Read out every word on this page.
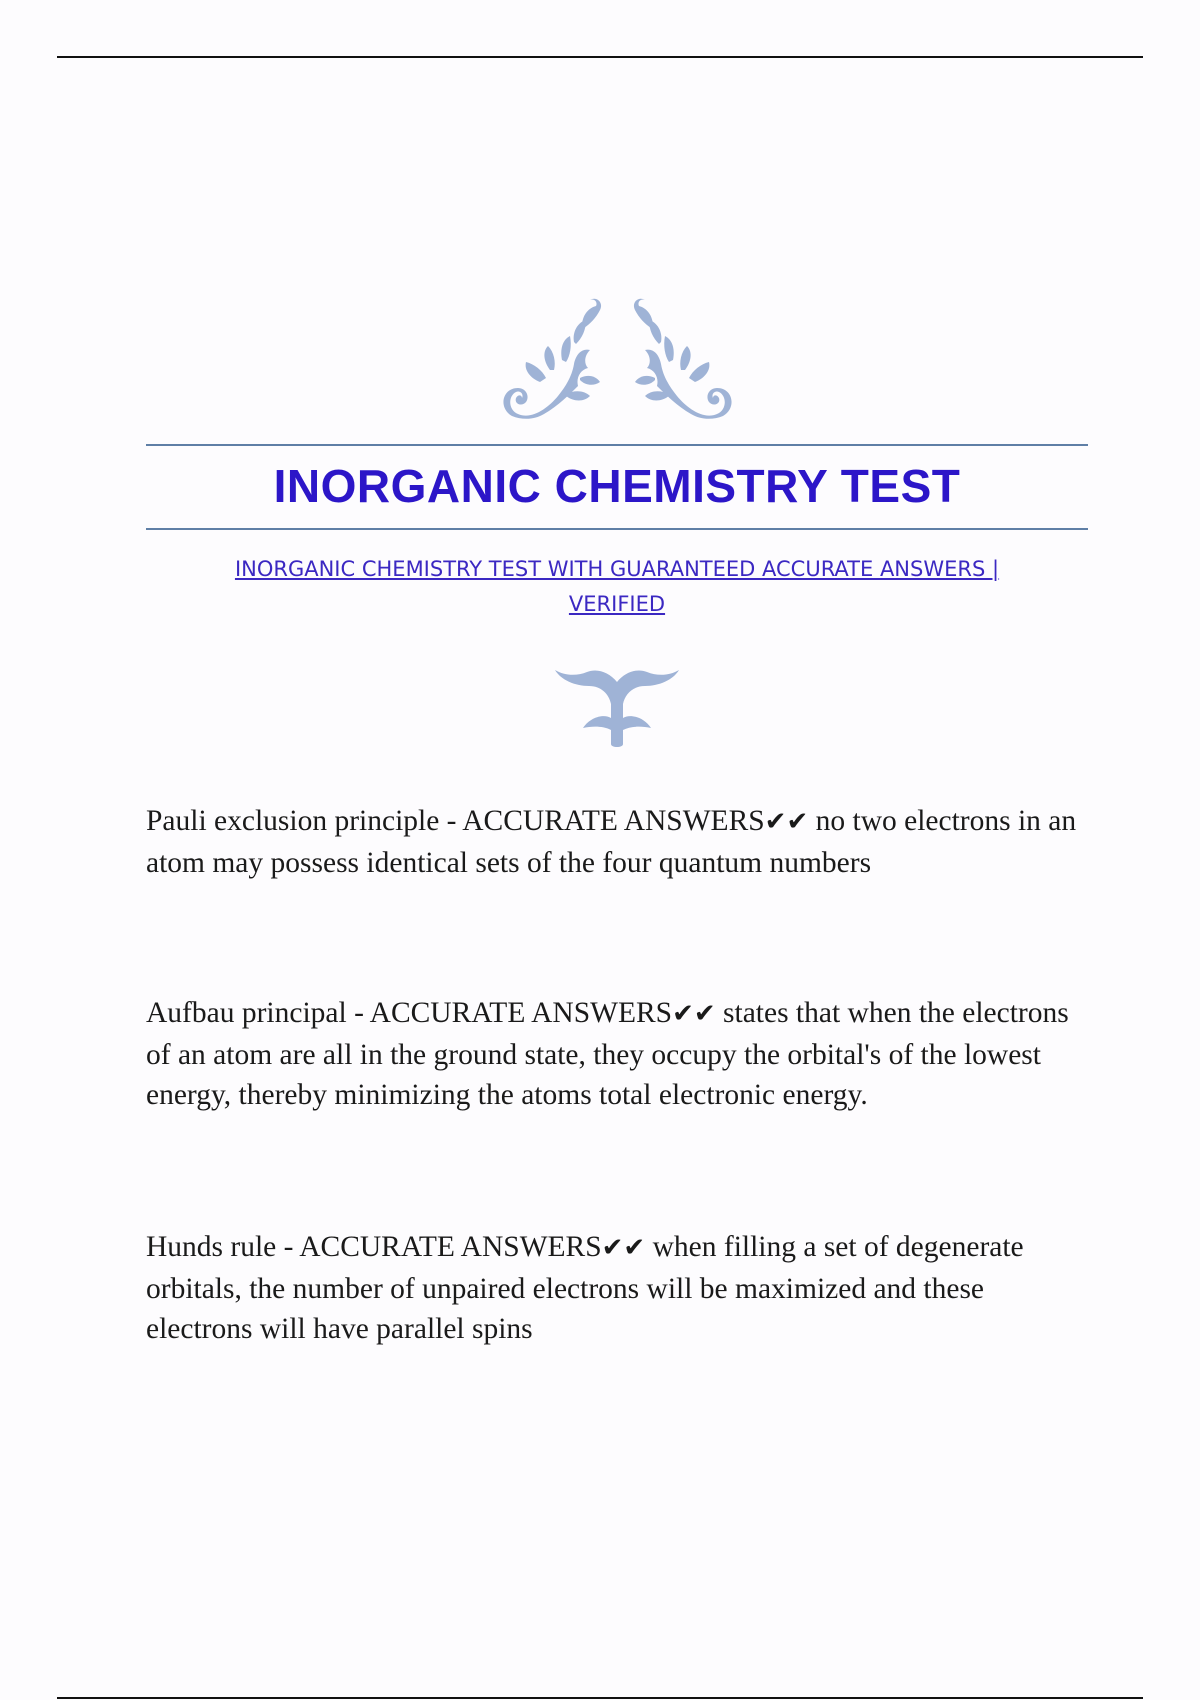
INORGANIC CHEMISTRY TEST
INORGANIC CHEMISTRY TEST WITH GUARANTEED ACCURATE ANSWERS |
VERIFIED
Pauli exclusion principle - ACCURATE ANSWERS✔✔ no two electrons in an atom may possess identical sets of the four quantum numbers
Aufbau principal - ACCURATE ANSWERS✔✔ states that when the electrons of an atom are all in the ground state, they occupy the orbital's of the lowest energy, thereby minimizing the atoms total electronic energy.
Hunds rule - ACCURATE ANSWERS✔✔ when filling a set of degenerate orbitals, the number of unpaired electrons will be maximized and these electrons will have parallel spins
